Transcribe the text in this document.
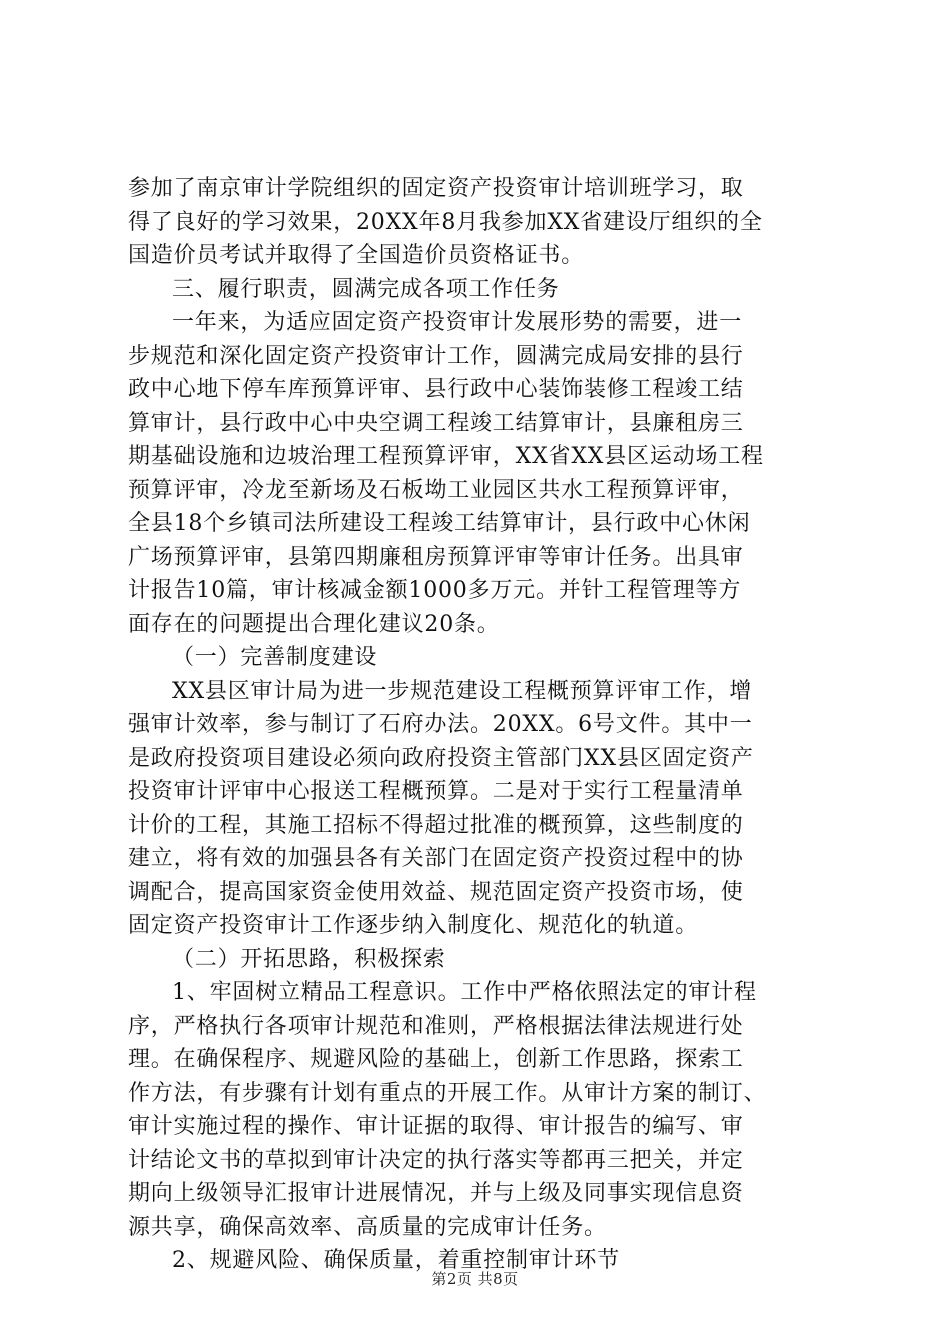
参加了南京审计学院组织的固定资产投资审计培训班学习，取
得了良好的学习效果，20XX年8月我参加XX省建设厅组织的全
国造价员考试并取得了全国造价员资格证书。
三、履行职责，圆满完成各项工作任务
一年来，为适应固定资产投资审计发展形势的需要，进一
步规范和深化固定资产投资审计工作，圆满完成局安排的县行
政中心地下停车库预算评审、县行政中心装饰装修工程竣工结
算审计，县行政中心中央空调工程竣工结算审计，县廉租房三
期基础设施和边坡治理工程预算评审，XX省XX县区运动场工程
预算评审，冷龙至新场及石板坳工业园区共水工程预算评审，
全县18个乡镇司法所建设工程竣工结算审计，县行政中心休闲
广场预算评审，县第四期廉租房预算评审等审计任务。出具审
计报告10篇，审计核减金额1000多万元。并针工程管理等方
面存在的问题提出合理化建议20条。
（一）完善制度建设
XX县区审计局为进一步规范建设工程概预算评审工作，增
强审计效率，参与制订了石府办法。20XX。6号文件。其中一
是政府投资项目建设必须向政府投资主管部门XX县区固定资产
投资审计评审中心报送工程概预算。二是对于实行工程量清单
计价的工程，其施工招标不得超过批准的概预算，这些制度的
建立，将有效的加强县各有关部门在固定资产投资过程中的协
调配合，提高国家资金使用效益、规范固定资产投资市场，使
固定资产投资审计工作逐步纳入制度化、规范化的轨道。
（二）开拓思路，积极探索
1、牢固树立精品工程意识。工作中严格依照法定的审计程
序，严格执行各项审计规范和准则，严格根据法律法规进行处
理。在确保程序、规避风险的基础上，创新工作思路，探索工
作方法，有步骤有计划有重点的开展工作。从审计方案的制订、
审计实施过程的操作、审计证据的取得、审计报告的编写、审
计结论文书的草拟到审计决定的执行落实等都再三把关，并定
期向上级领导汇报审计进展情况，并与上级及同事实现信息资
源共享，确保高效率、高质量的完成审计任务。
2、规避风险、确保质量，着重控制审计环节
第2页 共8页
